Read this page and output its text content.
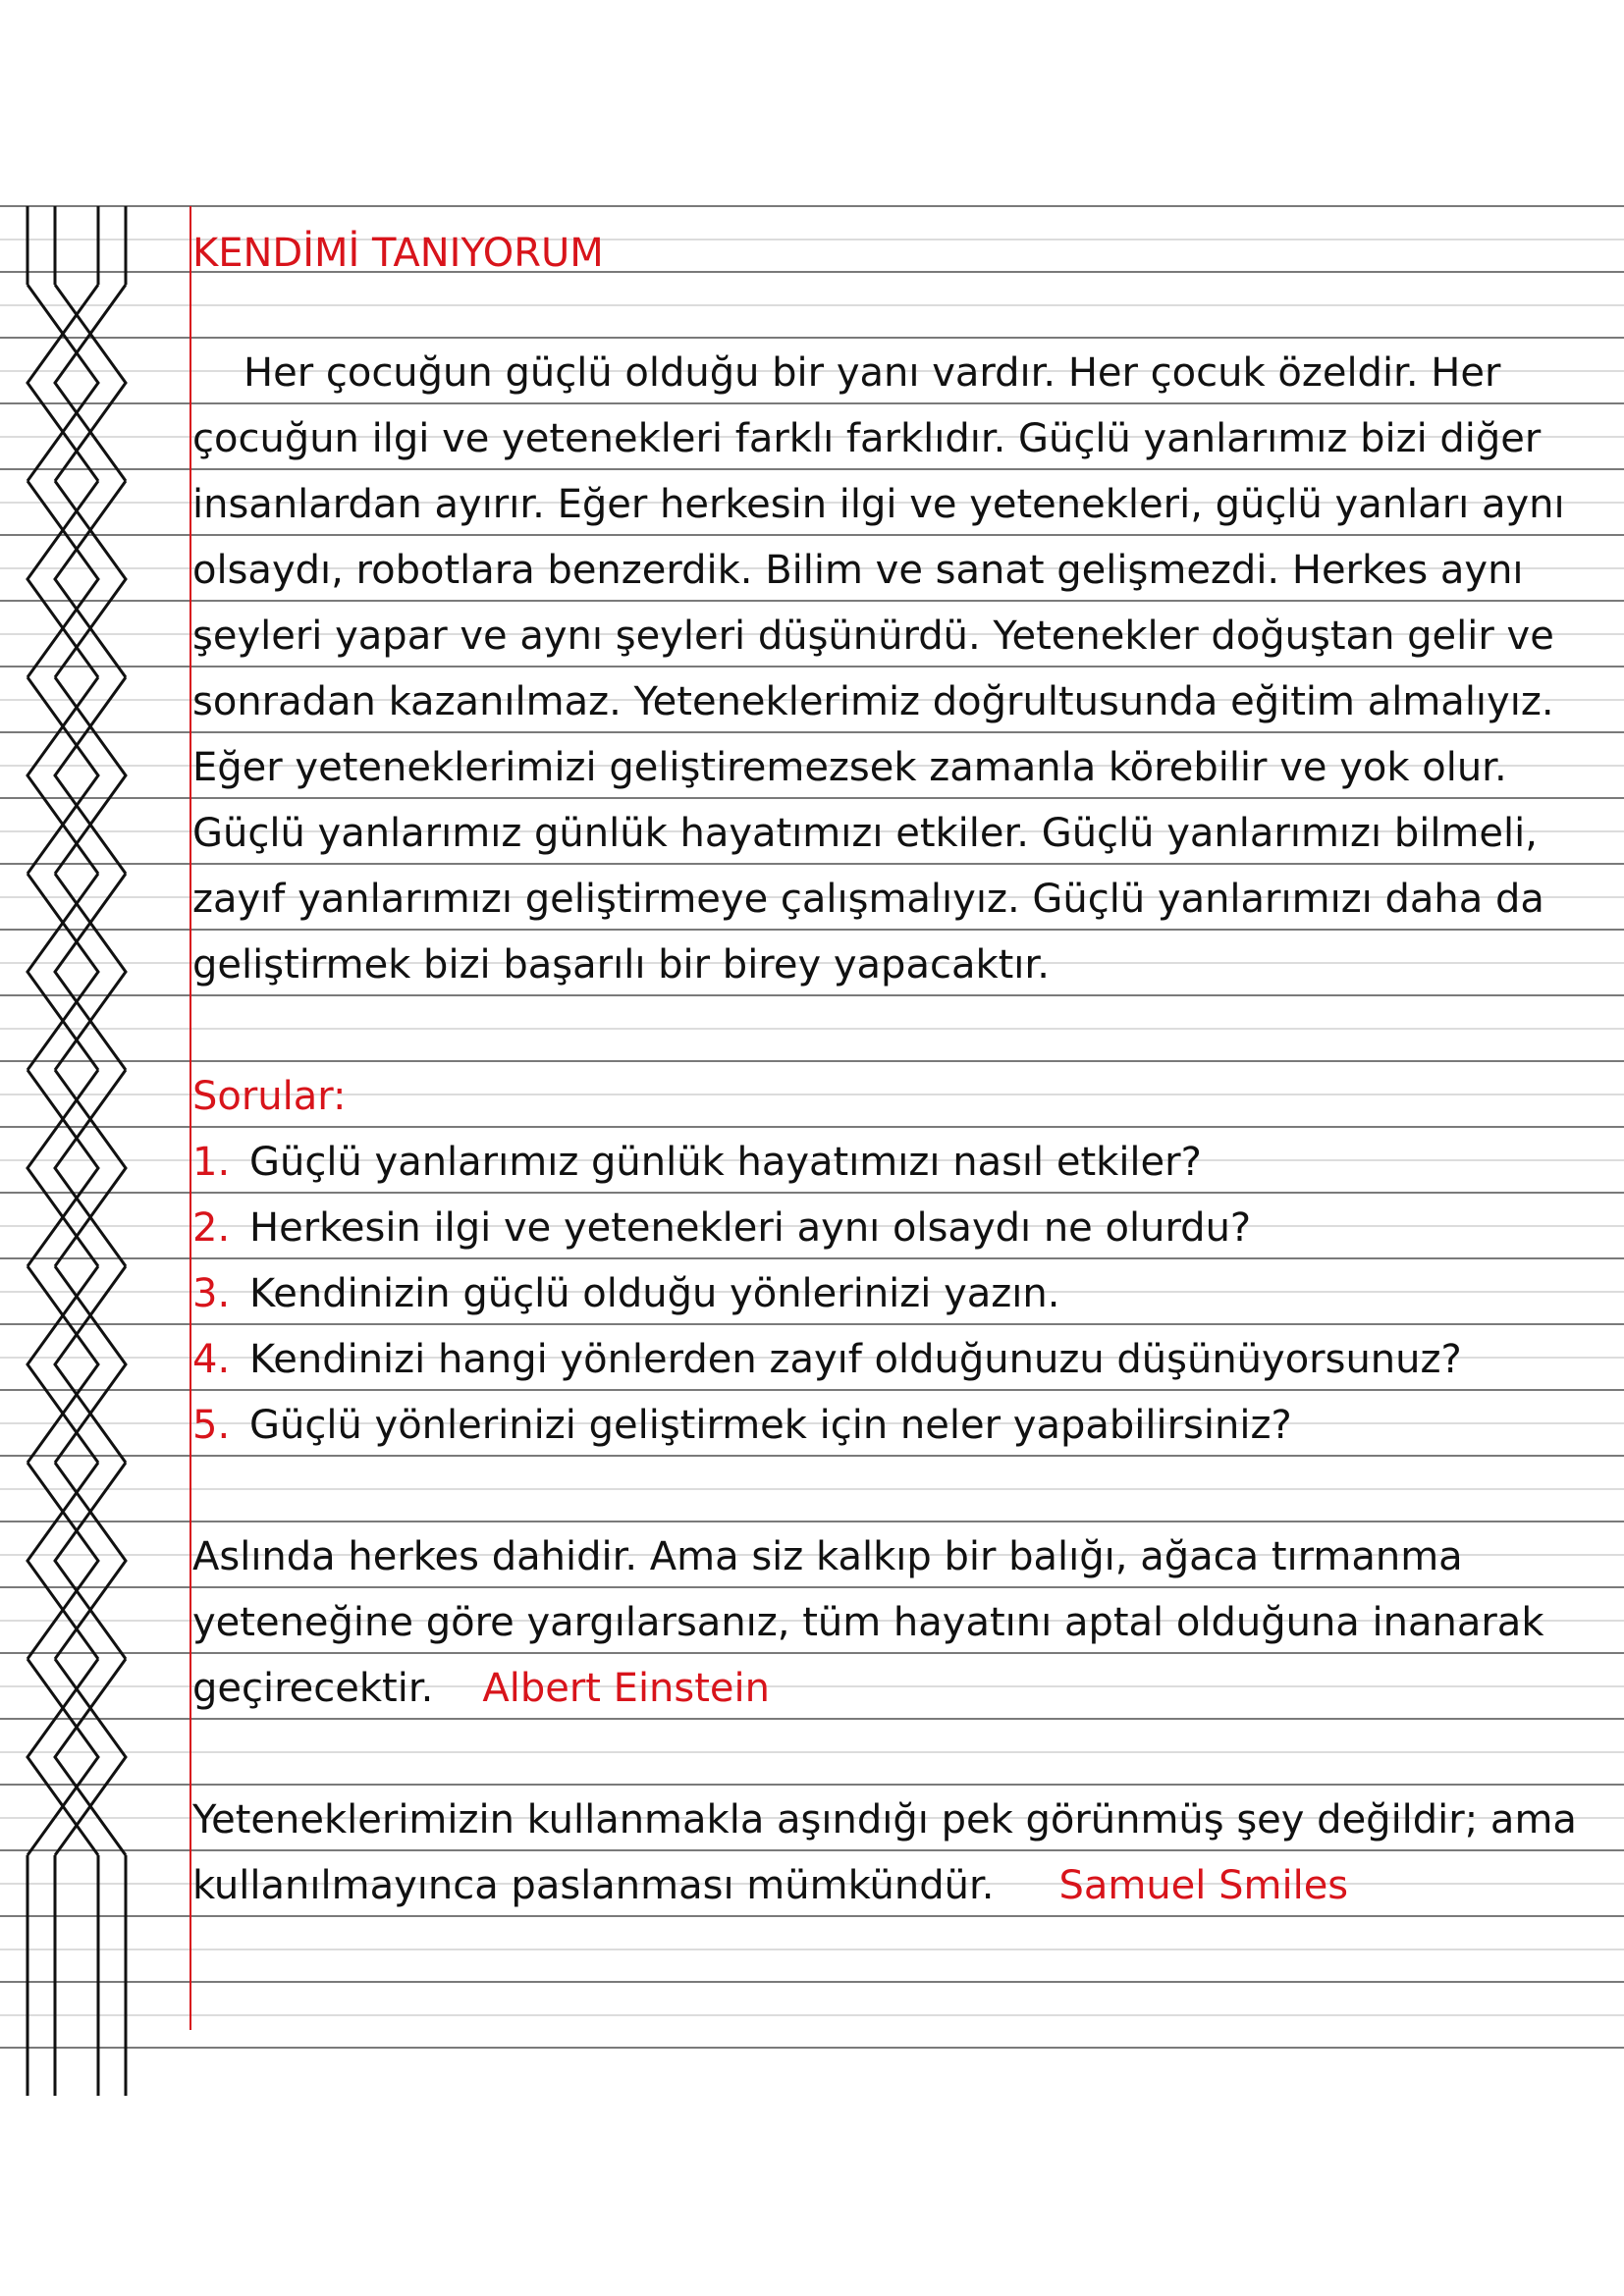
KENDİMİ TANIYORUM
Her çocuğun güçlü olduğu bir yanı vardır. Her çocuk özeldir. Her
çocuğun ilgi ve yetenekleri farklı farklıdır. Güçlü yanlarımız bizi diğer
insanlardan ayırır. Eğer herkesin ilgi ve yetenekleri, güçlü yanları aynı
olsaydı, robotlara benzerdik. Bilim ve sanat gelişmezdi. Herkes aynı
şeyleri yapar ve aynı şeyleri düşünürdü. Yetenekler doğuştan gelir ve
sonradan kazanılmaz. Yeteneklerimiz doğrultusunda eğitim almalıyız.
Eğer yeteneklerimizi geliştiremezsek zamanla körebilir ve yok olur.
Güçlü yanlarımız günlük hayatımızı etkiler. Güçlü yanlarımızı bilmeli,
zayıf yanlarımızı geliştirmeye çalışmalıyız. Güçlü yanlarımızı daha da
geliştirmek bizi başarılı bir birey yapacaktır.
Sorular:
1. Güçlü yanlarımız günlük hayatımızı nasıl etkiler?
2. Herkesin ilgi ve yetenekleri aynı olsaydı ne olurdu?
3. Kendinizin güçlü olduğu yönlerinizi yazın.
4. Kendinizi hangi yönlerden zayıf olduğunuzu düşünüyorsunuz?
5. Güçlü yönlerinizi geliştirmek için neler yapabilirsiniz?
Aslında herkes dahidir. Ama siz kalkıp bir balığı, ağaca tırmanma
yeteneğine göre yargılarsanız, tüm hayatını aptal olduğuna inanarak
geçirecektir. Albert Einstein
Yeteneklerimizin kullanmakla aşındığı pek görünmüş şey değildir; ama
kullanılmayınca paslanması mümkündür. Samuel Smiles
